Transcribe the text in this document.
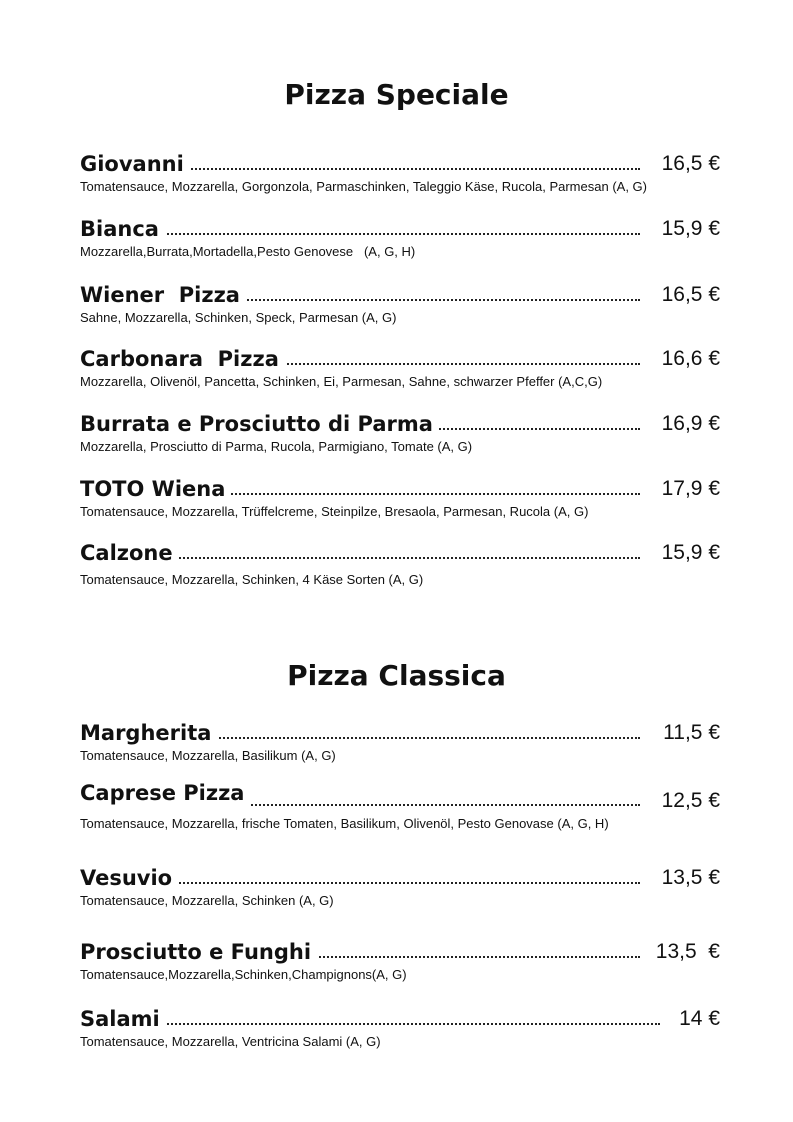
Pizza Speciale
Giovanni	16,5 €
Tomatensauce, Mozzarella, Gorgonzola, Parmaschinken, Taleggio Käse, Rucola, Parmesan (A, G)
Bianca	15,9 €
Mozzarella,Burrata,Mortadella,Pesto Genovese   (A, G, H)
Wiener  Pizza	16,5 €
Sahne, Mozzarella, Schinken, Speck, Parmesan (A, G)
Carbonara  Pizza	16,6 €
Mozzarella, Olivenöl, Pancetta, Schinken, Ei, Parmesan, Sahne, schwarzer Pfeffer (A,C,G)
Burrata e Prosciutto di Parma	16,9 €
Mozzarella, Prosciutto di Parma, Rucola, Parmigiano, Tomate (A, G)
TOTO Wiena	17,9 €
Tomatensauce, Mozzarella, Trüffelcreme, Steinpilze, Bresaola, Parmesan, Rucola (A, G)
Calzone	15,9 €
Tomatensauce, Mozzarella, Schinken, 4 Käse Sorten (A, G)
Pizza Classica
Margherita	11,5 €
Tomatensauce, Mozzarella, Basilikum (A, G)
Caprese Pizza	12,5 €
Tomatensauce, Mozzarella, frische Tomaten, Basilikum, Olivenöl, Pesto Genovase (A, G, H)
Vesuvio	13,5 €
Tomatensauce, Mozzarella, Schinken (A, G)
Prosciutto e Funghi	13,5  €
Tomatensauce,Mozzarella,Schinken,Champignons(A, G)
Salami	14 €
Tomatensauce, Mozzarella, Ventricina Salami (A, G)
